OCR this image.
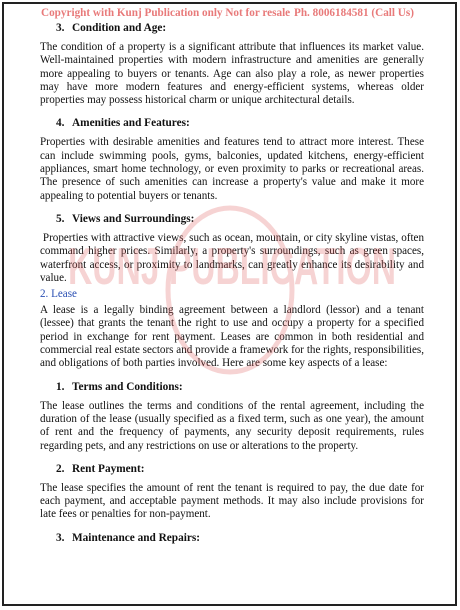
Copyright with Kunj Publication only Not for resale Ph. 8006184581 (Call Us)
3. Condition and Age:

The condition of a property is a significant attribute that influences its market value. Well-maintained properties with modern infrastructure and amenities are generally more appealing to buyers or tenants. Age can also play a role, as newer properties may have more modern features and energy-efficient systems, whereas older properties may possess historical charm or unique architectural details.

4. Amenities and Features:

Properties with desirable amenities and features tend to attract more interest. These can include swimming pools, gyms, balconies, updated kitchens, energy-efficient appliances, smart home technology, or even proximity to parks or recreational areas. The presence of such amenities can increase a property's value and make it more appealing to potential buyers or tenants.

5. Views and Surroundings:

Properties with attractive views, such as ocean, mountain, or city skyline vistas, often command higher prices. Similarly, a property's surroundings, such as green spaces, waterfront access, or proximity to landmarks, can greatly enhance its desirability and value.

2. Lease

A lease is a legally binding agreement between a landlord (lessor) and a tenant (lessee) that grants the tenant the right to use and occupy a property for a specified period in exchange for rent payment. Leases are common in both residential and commercial real estate sectors and provide a framework for the rights, responsibilities, and obligations of both parties involved. Here are some key aspects of a lease:

1. Terms and Conditions:

The lease outlines the terms and conditions of the rental agreement, including the duration of the lease (usually specified as a fixed term, such as one year), the amount of rent and the frequency of payments, any security deposit requirements, rules regarding pets, and any restrictions on use or alterations to the property.

2. Rent Payment:

The lease specifies the amount of rent the tenant is required to pay, the due date for each payment, and acceptable payment methods. It may also include provisions for late fees or penalties for non-payment.

3. Maintenance and Repairs:
KUNJ PUBLICATION
